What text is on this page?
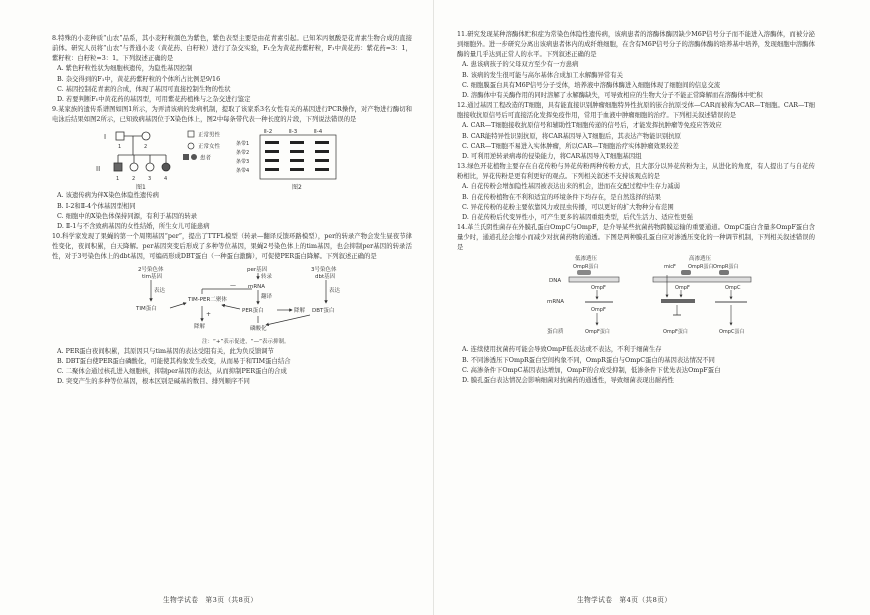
8.特殊的小麦种质“山农”品系，其小麦籽粒颜色为紫色，紫色表型主要是由花青素引起。已知苯丙氨酸是花青素生物合成的直接前体。研究人员将“山农”与普通小麦（黄花药、白籽粒）进行了杂交实验，F₁全为黄花药紫籽粒，F₁中黄花药：紫花药=3：1，紫籽粒：白籽粒=3：1。下列叙述正确的是

A. 紫色籽粒性状为细胞核遗传，为隐性基因控制

B. 杂交得到的F₁中，黄花药紫籽粒的个体所占比例是9/16

C. 基因控制花青素的合成，体现了基因可直接控制生物的性状

D. 若要判断F₁中黄花药的基因型，可用紫花药植株与之杂交进行鉴定

9.某家族的遗传系谱图如图1所示，为弄清该病的发病机制，提取了该家系3名女性有关的基因进行PCR操作，对产物进行酶切和电泳后结果如图2所示，已知致病基因位于X染色体上，图2中每条带代表一种长度的片段，下列说法错误的是

I
II
1	2
1	2	3	4
图1
正常男性
正常女性
患者
Ⅱ-2	Ⅱ-3	Ⅱ-4
条带1
条带2
条带3
条带4
图2

A. 该遗传病为伴X染色体隐性遗传病

B. Ⅰ-2和Ⅱ-4个体基因型相同

C. 细胞中的X染色体保持同源，有利于基因的转录

D. Ⅱ-1与不含致病基因的女性结婚，所生女儿可能患病

10.科学家发现了果蝇的第一个周期基因“per”，提出了TTFL模型（转录—翻译反馈环路模型），per的转录产物会发生昼夜节律性变化，夜间积累，白天降解。per基因突变后形成了多种等位基因，果蝇2号染色体上的tim基因，也会抑制per基因的转录活性，对于3号染色体上的dbt基因，可编码形成DBT蛋白（一种蛋白激酶），可促使PER蛋白降解。下列叙述正确的是

2号染色体
tim基因
表达
TIM蛋白
TIM-PER二聚体
—
per基因
转录
mRNA
翻译
PER蛋白	降解
降解
+
磷酸化
3号染色体
dbt基因
表达
DBT蛋白
注：“+”表示促进，“—”表示抑制。

A. PER蛋白夜间积累，其原因只与tim基因的表达受阻有关，此为负反馈调节

B. DBT蛋白使PER蛋白磷酸化，可能使其构象发生改变，从而易于和TIM蛋白结合

C. 二聚体会通过核孔进入细胞核，抑制per基因的表达，从而抑制PER蛋白的合成

D. 突变产生的多种等位基因，根本区别是碱基的数目、排列顺序不同

生物学试卷　第3页（共8页）

11.研究发现某种溶酶体贮积症为常染色体隐性遗传病，该病患者的溶酶体酶因缺少M6P信号分子而不能进入溶酶体，而被分泌到细胞外。进一步研究分离出该病患者体内的成纤维细胞，在含有M6P信号分子的溶酶体酶的培养基中培养，发现细胞中溶酶体酶的量几乎达到正常人的水平。下列叙述正确的是

A. 患该病孩子的父母双方至少有一方患病

B. 该病的发生很可能与高尔基体合成加工水解酶异常有关

C. 细胞膜蛋白具有M6P信号分子受体，培养液中溶酶体酶进入细胞体现了细胞间的信息交流

D. 溶酶体中有关酶作用的同时溶解了水解酶缺失，可导致相应的生物大分子不能正常降解而在溶酶体中贮积

12.通过基因工程改造的T细胞，具有能直接识别肿瘤细胞特异性抗原的嵌合抗原受体—CAR而被称为CAR—T细胞。CAR—T细胞接收抗原信号后可直接活化发挥免疫作用，常用于血液中肿瘤细胞的治疗。下列相关叙述错误的是

A. CAR—T细胞接收抗原信号和辅助性T细胞传递的信号后，才能发挥抗肿瘤等免疫应答效应

B. CAR能特异性识别抗原，将CAR基因导入T细胞后，其表达产物能识别抗原

C. CAR—T细胞不易进入实体肿瘤，所以CAR—T细胞治疗实体肿瘤效果较差

D. 可利用逆转录病毒的侵染能力，将CAR基因导入T细胞基因组

13.绿色开花植物主要存在自花传粉与异花传粉两种传粉方式，且大部分以异花传粉为主，从进化的角度，有人提出了与自花传粉相比，异花传粉是更有利更好的观点。下列相关叙述不支持该观点的是

A. 自花传粉会增加隐性基因被表达出来的机会，进而在交配过程中生存力减弱

B. 自花传粉植物在不利和适宜的环境条件下均存在，是自然选择的结果

C. 异花传粉的花粉主要依靠风力或昆虫传播，可以更好的扩大物种分布范围

D. 自花传粉后代变异性小，可产生更多的基因重组类型，后代生活力、适应性更强

14.革兰氏阴性菌存在外膜孔蛋白OmpC与OmpF，是介导某些抗菌药物跨膜运输的重要通道。OmpC蛋白含量多OmpF蛋白含量少时，通道孔径会缩小而减少对抗菌药物的通透。下图是两种膜孔蛋白应对渗透压变化的一种调节机制，下列相关叙述错误的是

低渗透压
OmpR蛋白
DNA
OmpF
mRNA
OmpF
蛋白质	OmpF蛋白
高渗透压
micF OmpR蛋白 OmpR蛋白
OmpF	OmpC
OmpF蛋白	OmpC蛋白

A. 连续使用抗菌药可能会导致OmpF低表达或不表达，不利于细菌生存

B. 不同渗透压下OmpR蛋白空间构象不同，OmpR蛋白与OmpC蛋白的基因表达情况不同

C. 高渗条件下OmpC基因表达增加，OmpF的合成受抑制，低渗条件下优先表达OmpF蛋白

D. 膜孔蛋白表达情况会影响细菌对抗菌药的通透性，导致细菌表现出耐药性

生物学试卷　第4页（共8页）
